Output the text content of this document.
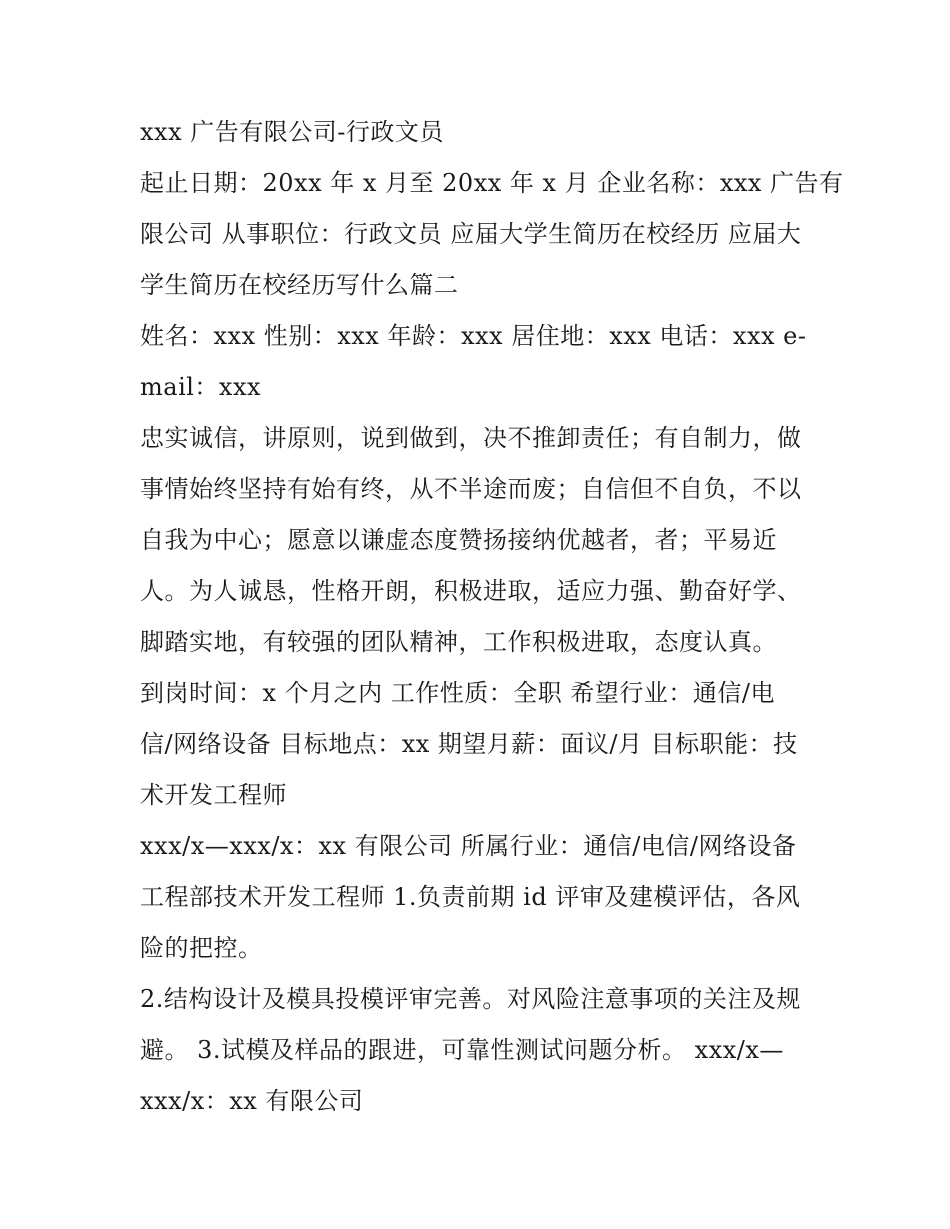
xxx 广告有限公司-行政文员

起止日期：20xx 年 x 月至 20xx 年 x 月 企业名称：xxx 广告有
限公司 从事职位：行政文员 应届大学生简历在校经历 应届大
学生简历在校经历写什么篇二

姓名：xxx 性别：xxx 年龄：xxx 居住地：xxx 电话：xxx e-
mail：xxx

忠实诚信，讲原则，说到做到，决不推卸责任；有自制力，做
事情始终坚持有始有终，从不半途而废；自信但不自负，不以
自我为中心；愿意以谦虚态度赞扬接纳优越者，者；平易近
人。为人诚恳，性格开朗，积极进取，适应力强、勤奋好学、
脚踏实地，有较强的团队精神，工作积极进取，态度认真。

到岗时间：x 个月之内 工作性质：全职 希望行业：通信/电
信/网络设备 目标地点：xx 期望月薪：面议/月 目标职能：技
术开发工程师

xxx/x—xxx/x：xx 有限公司 所属行业：通信/电信/网络设备
工程部技术开发工程师 1.负责前期 id 评审及建模评估，各风
险的把控。

2.结构设计及模具投模评审完善。对风险注意事项的关注及规
避。 3.试模及样品的跟进，可靠性测试问题分析。 xxx/x—
xxx/x：xx 有限公司
